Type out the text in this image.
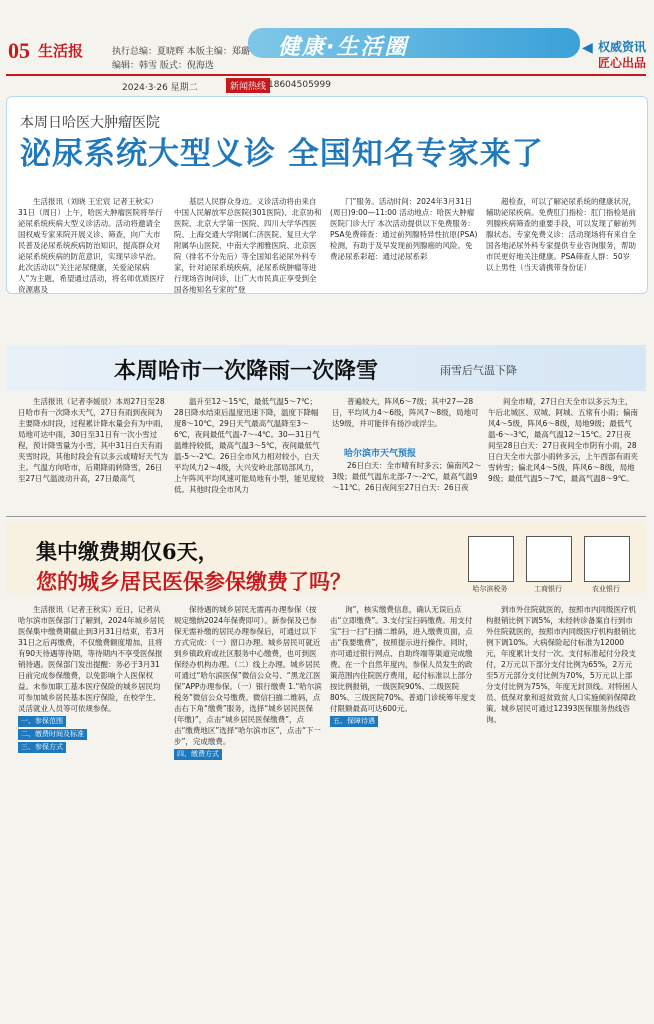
05 生活报	执行总编：夏晓辉 本版主编：郑璐
编辑：韩雪 版式：倪海选
健康·生活圈	◀ 权威资讯
匠心出品
2024·3·26 星期二	新闻热线 18604505999
本周日哈医大肿瘤医院
泌尿系统大型义诊 全国知名专家来了

生活报讯（刘晓 王宏宸 记者王秋实）31日（周日）上午，哈医大肿瘤医院将举行泌尿系统疾病大型义诊活动。活动将邀请全国权威专家来院开展义诊、筛查，向广大市民普及泌尿系统疾病防治知识，提高群众对泌尿系统疾病的防范意识，实现早诊早治。此次活动以“关注泌尿健康，关爱泌尿病人”为主题，希望通过活动，将名师优质医疗资源惠及

基层人民群众身边。义诊活动将由来自中国人民解放军总医院(301医院)、北京协和医院、北京大学第一医院、四川大学华西医院、上海交通大学附属仁济医院、复旦大学附属华山医院、中南大学湘雅医院、北京医院（排名不分先后）等全国知名泌尿外科专家，针对泌尿系统疾病，泌尿系统肿瘤等进行现场咨询问诊，让广大市民真正享受到全国各地知名专家的“登

门”服务。活动时间：2024年3月31日(周日)9:00—11:00 活动地点：哈医大肿瘤医院门诊大厅 本次活动提供以下免费服务：PSA免费筛查：通过前列腺特异性抗原(PSA)检测，有助于及早发现前列腺癌的风险。免费泌尿系彩超：通过泌尿系彩

超检查，可以了解泌尿系统的健康状况，辅助泌尿疾病。免费肛门指检：肛门指检是前列腺疾病筛查的重要手段，可以发现了解前列腺状态。专家免费义诊：活动现场将有来自全国各地泌尿外科专家提供专业咨询服务，帮助市民更好地关注健康。PSA筛查人群：50岁以上男性（当天请携带身份证）

本周哈市一次降雨一次降雪	雨雪后气温下降

生活报讯（记者李媛辰）本周27日至28日哈市有一次降水天气，27日有雨到夜间为主要降水时段，过程累计降水量会有为中雨，局地可达中雨，30日至31日有一次小雪过程，预计降雪量为小雪，其中31日白天有雨夹雪时段，其他时段会有以多云或晴好天气为主。气温方向哈市，后期降雨转降雪，26日至27日气温波动升高，27日最高气

温升至12～15℃，最低气温5～7℃；28日降水结束后温度迅速下降，温度下降幅度8～10℃，29日天气最高气温降至3～6℃，夜间最低气温-7～-4℃。30—31日气温维持较低，最高气温3～5℃，夜间最低气温-5～-2℃。26日全市风力相对较小，白天平均风力2～4级，大兴安岭北部局部风力，上午阵风平均风速可能局地有小型，能见度较低。其他时段全市风力

普遍较大，阵风6～7级；其中27—28日，平均风力4～6级，阵风7～8级，局地可达9级，并可能伴有扬沙或浮尘。

哈尔滨市天气预报

26日白天：全市晴有时多云；偏南风2～3级；最低气温东北部-7～-2℃，最高气温9～11℃。26日夜间至27日白天：26日夜

间全市晴，27日白天全市以多云为主，午后北城区、双城、阿城、五常有小雨；偏南风4～5级，阵风6～8级，局地9级；最低气温-6～-3℃，最高气温12～15℃。27日夜间至28日白天：27日夜间全市阴有小雨，28日白天全市大部小雨转多云，上午西部有雨夹雪转雪；偏北风4～5级，阵风6～8级，局地9级；最低气温5～7℃，最高气温8～9℃。

集中缴费期仅6天，
您的城乡居民医保参保缴费了吗？	哈尔滨税务	工商银行	农业银行

生活报讯（记者王秋实）近日，记者从哈尔滨市医保部门了解到，2024年城乡居民医保集中缴费期截止到3月31日结束，若3月31日之后再缴费，不仅缴费额度增加，且将有90天待遇等待期，等待期内不享受医保报销待遇。医保部门发出提醒：务必于3月31日前完成参保缴费，以免影响个人医保权益。未参加职工基本医疗保险的城乡居民均可参加城乡居民基本医疗保险，在校学生、灵活就业人员等可依规参保。

一、参保范围
二、缴费时间及标准
三、参保方式

保待遇的城乡居民无需再办理参保（按规定缴纳2024年保费即可）。新参保及已参保无需补缴的居民办理参保后，可通过以下方式完成：（一）窗口办理。城乡居民可就近到乡镇政府或社区服务中心缴费，也可到医保经办机构办理。（二）线上办理。城乡居民可通过“哈尔滨医保”微信公众号、“黑龙江医保”APP办理参保。（一）银行缴费 1.“哈尔滨税务”微信公众号缴费。微信扫描二维码，点击右下角“缴费”服务，选择“城乡居民医保(年缴)”，点击“城乡居民医保缴费”，点击“缴费地区”选择“哈尔滨市区”，点击“下一步”，完成缴费。

四、缴费方式

询”，核实缴费信息，确认无误后点击“立即缴费”。3.支付宝扫码缴费。用支付宝“扫一扫”扫描二维码，进入缴费页面，点击“我要缴费”，按照提示进行操作。同时，亦可通过银行网点、自助终端等渠道完成缴费。在一个自然年度内，参保人员发生的政策范围内住院医疗费用，起付标准以上部分按比例报销，一级医院90%、二级医院80%、三级医院70%。普通门诊统筹年度支付限额最高可达600元。

五、保障待遇

到市外住院就医的，按照市内同级医疗机构报销比例下调5%，未经转诊备案自行到市外住院就医的，按照市内同级医疗机构报销比例下调10%。大病保险起付标准为12000元，年度累计支付一次。支付标准起付分段支付，2万元以下部分支付比例为65%，2万元至5万元部分支付比例为70%，5万元以上部分支付比例为75%，年度无封顶线。对特困人员、低保对象和返贫致贫人口实施倾斜保障政策。城乡居民可通过12393医保服务热线咨询。
